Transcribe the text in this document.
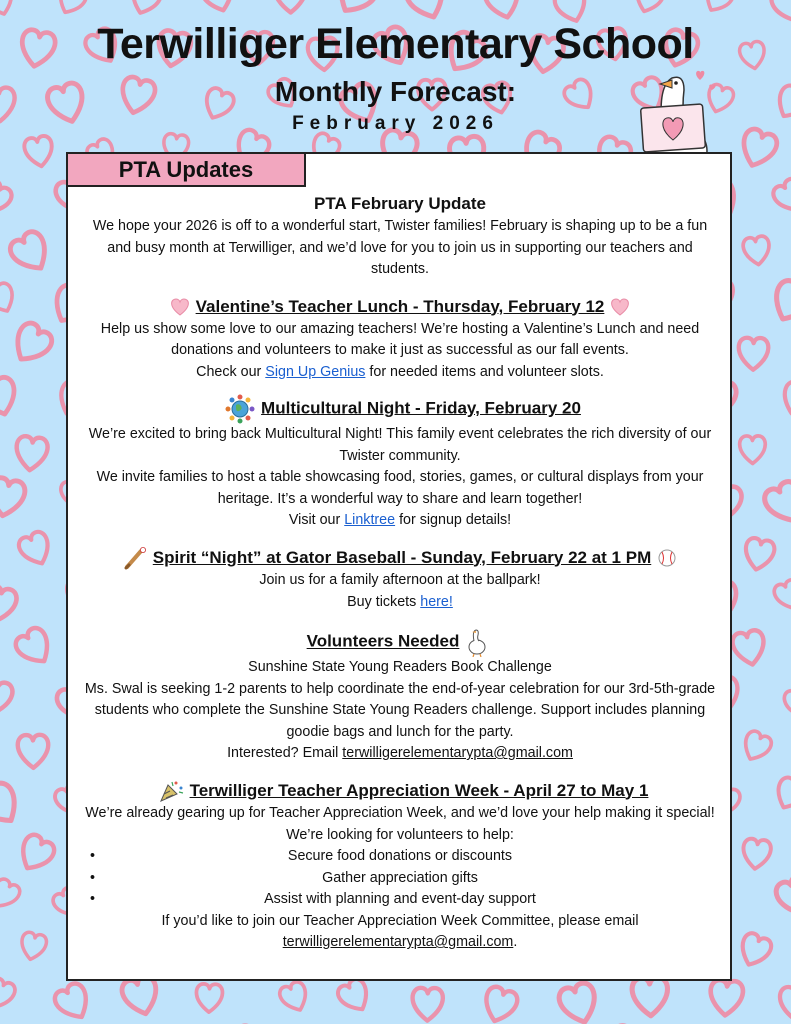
Terwilliger Elementary School
Monthly Forecast:
February 2026
PTA Updates
PTA February Update

We hope your 2026 is off to a wonderful start, Twister families! February is shaping up to be a fun and busy month at Terwilliger, and we’d love for you to join us in supporting our teachers and students.

Valentine’s Teacher Lunch - Thursday, February 12

Help us show some love to our amazing teachers! We’re hosting a Valentine’s Lunch and need donations and volunteers to make it just as successful as our fall events.

Check our Sign Up Genius for needed items and volunteer slots.

Multicultural Night - Friday, February 20

We’re excited to bring back Multicultural Night! This family event celebrates the rich diversity of our Twister community.

We invite families to host a table showcasing food, stories, games, or cultural displays from your heritage. It’s a wonderful way to share and learn together!

Visit our Linktree for signup details!

Spirit “Night” at Gator Baseball - Sunday, February 22 at 1 PM

Join us for a family afternoon at the ballpark!

Buy tickets here!

Volunteers Needed

Sunshine State Young Readers Book Challenge

Ms. Swal is seeking 1-2 parents to help coordinate the end-of-year celebration for our 3rd-5th-grade students who complete the Sunshine State Young Readers challenge. Support includes planning goodie bags and lunch for the party.

Interested? Email terwilligerelementarypta@gmail.com

Terwilliger Teacher Appreciation Week - April 27 to May 1

We’re already gearing up for Teacher Appreciation Week, and we’d love your help making it special! We’re looking for volunteers to help:

• Secure food donations or discounts
• Gather appreciation gifts
• Assist with planning and event-day support

If you’d like to join our Teacher Appreciation Week Committee, please email

terwilligerelementarypta@gmail.com.
